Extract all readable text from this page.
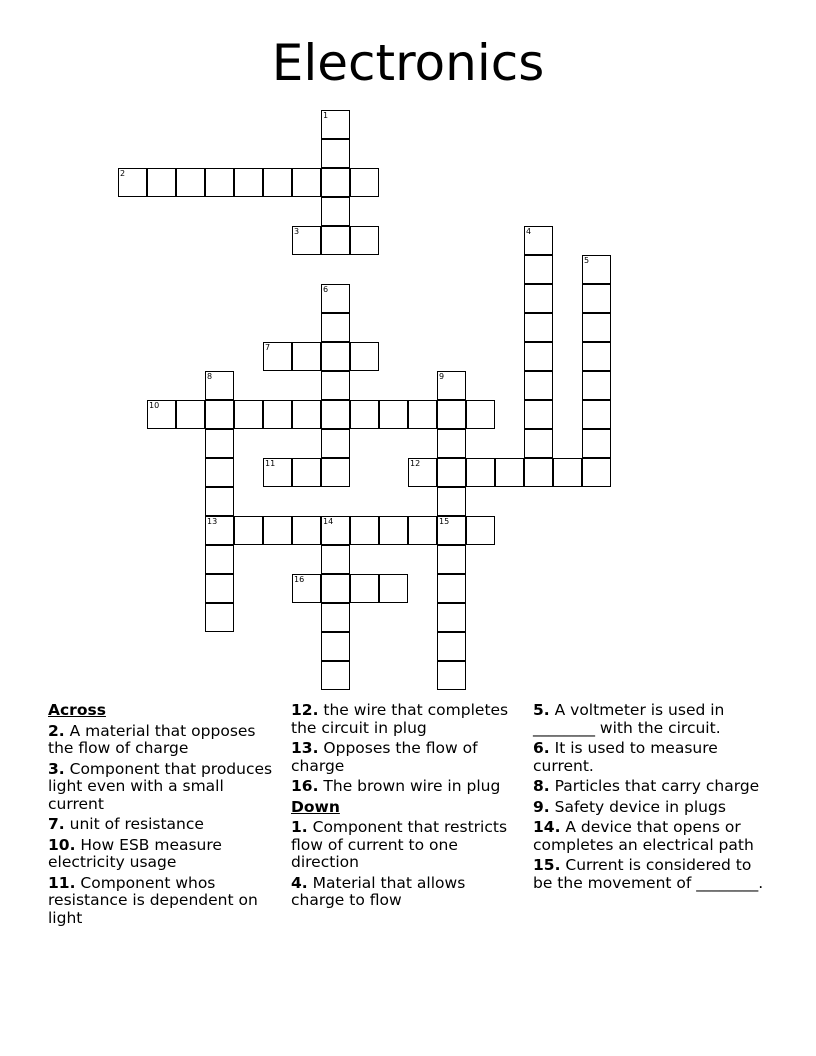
Electronics
1
2
3	4
5
6
7
8
13
9
15
10
11	12
14
16
Across
2. A material that opposes the flow of charge
3. Component that produces light even with a small current
7. unit of resistance
10. How ESB measure electricity usage
11. Component whos resistance is dependent on light
12. the wire that completes the circuit in plug
13. Opposes the flow of charge
16. The brown wire in plug
Down
1. Component that restricts flow of current to one direction
4. Material that allows charge to flow
5. A voltmeter is used in ________ with the circuit.
6. It is used to measure current.
8. Particles that carry charge
9. Safety device in plugs
14. A device that opens or completes an electrical path
15. Current is considered to be the movement of ________.
